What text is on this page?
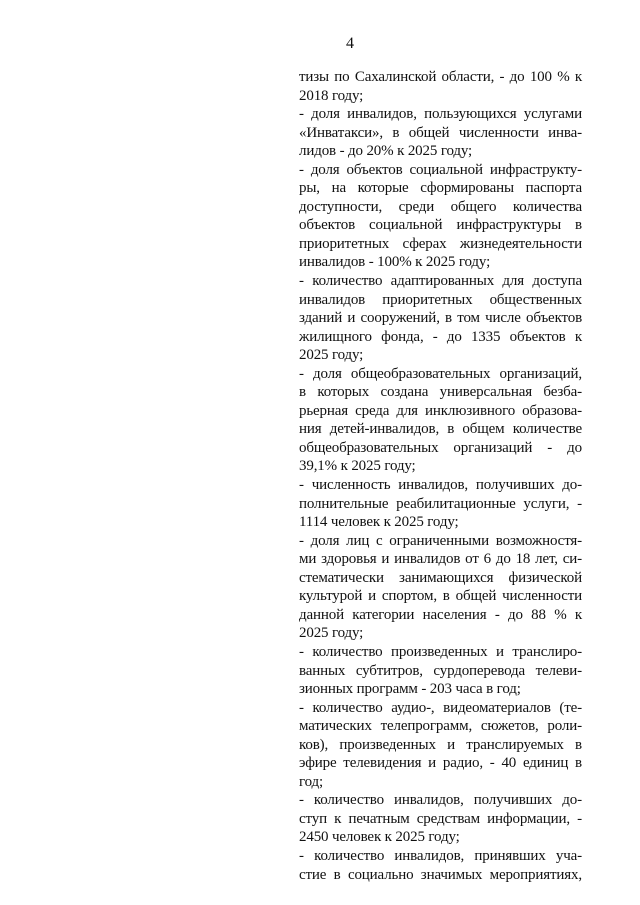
4
тизы по Сахалинской области, - до 100 % к
2018 году;
- доля инвалидов, пользующихся услугами
«Инватакси», в общей численности инва-
лидов - до 20% к 2025 году;
- доля объектов социальной инфраструкту-
ры, на которые сформированы паспорта
доступности, среди общего количества
объектов социальной инфраструктуры в
приоритетных сферах жизнедеятельности
инвалидов - 100% к 2025 году;
- количество адаптированных для доступа
инвалидов приоритетных общественных
зданий и сооружений, в том числе объектов
жилищного фонда, - до 1335 объектов к
2025 году;
- доля общеобразовательных организаций,
в которых создана универсальная безба-
рьерная среда для инклюзивного образова-
ния детей-инвалидов, в общем количестве
общеобразовательных организаций - до
39,1% к 2025 году;
- численность инвалидов, получивших до-
полнительные реабилитационные услуги, -
1114 человек к 2025 году;
- доля лиц с ограниченными возможностя-
ми здоровья и инвалидов от 6 до 18 лет, си-
стематически занимающихся физической
культурой и спортом, в общей численности
данной категории населения - до 88 % к
2025 году;
- количество произведенных и транслиро-
ванных субтитров, сурдоперевода телеви-
зионных программ - 203 часа в год;
- количество аудио-, видеоматериалов (те-
матических телепрограмм, сюжетов, роли-
ков), произведенных и транслируемых в
эфире телевидения и радио, - 40 единиц в
год;
- количество инвалидов, получивших до-
ступ к печатным средствам информации, -
2450 человек к 2025 году;
- количество инвалидов, принявших уча-
стие в социально значимых мероприятиях,
